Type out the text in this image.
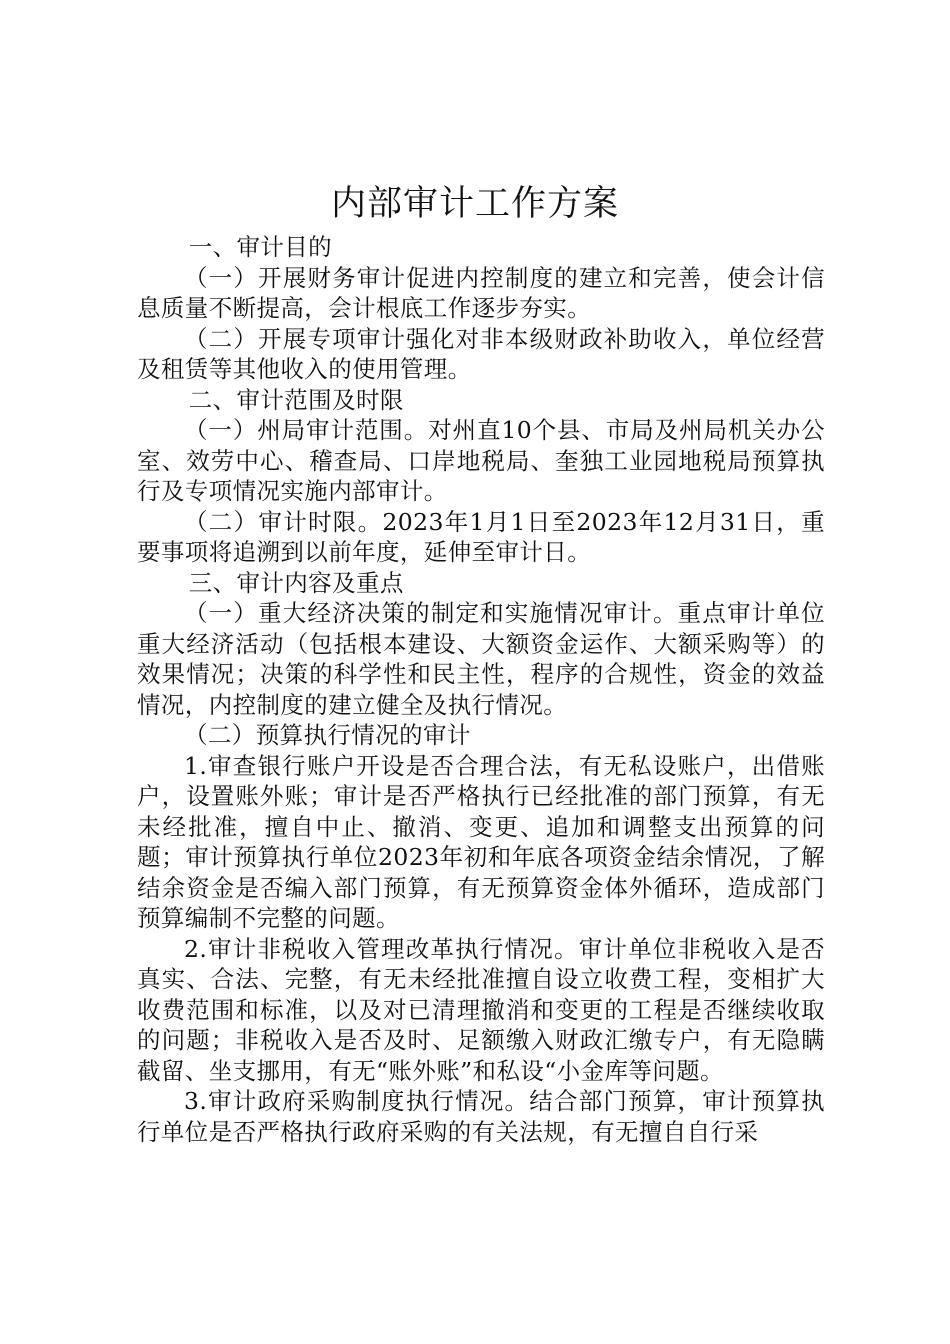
内部审计工作方案

一、审计目的

（一）开展财务审计促进内控制度的建立和完善，使会计信息质量不断提高，会计根底工作逐步夯实。

（二）开展专项审计强化对非本级财政补助收入，单位经营及租赁等其他收入的使用管理。

二、审计范围及时限

（一）州局审计范围。对州直10个县、市局及州局机关办公室、效劳中心、稽查局、口岸地税局、奎独工业园地税局预算执行及专项情况实施内部审计。

（二）审计时限。2023年1月1日至2023年12月31日，重要事项将追溯到以前年度，延伸至审计日。

三、审计内容及重点

（一）重大经济决策的制定和实施情况审计。重点审计单位重大经济活动（包括根本建设、大额资金运作、大额采购等）的效果情况；决策的科学性和民主性，程序的合规性，资金的效益情况，内控制度的建立健全及执行情况。

（二）预算执行情况的审计

1.审查银行账户开设是否合理合法，有无私设账户，出借账户，设置账外账；审计是否严格执行已经批准的部门预算，有无未经批准，擅自中止、撤消、变更、追加和调整支出预算的问题；审计预算执行单位2023年初和年底各项资金结余情况，了解结余资金是否编入部门预算，有无预算资金体外循环，造成部门预算编制不完整的问题。

2.审计非税收入管理改革执行情况。审计单位非税收入是否真实、合法、完整，有无未经批准擅自设立收费工程，变相扩大收费范围和标准，以及对已清理撤消和变更的工程是否继续收取的问题；非税收入是否及时、足额缴入财政汇缴专户，有无隐瞒截留、坐支挪用，有无“账外账”和私设“小金库等问题。

3.审计政府采购制度执行情况。结合部门预算，审计预算执行单位是否严格执行政府采购的有关法规，有无擅自自行采
